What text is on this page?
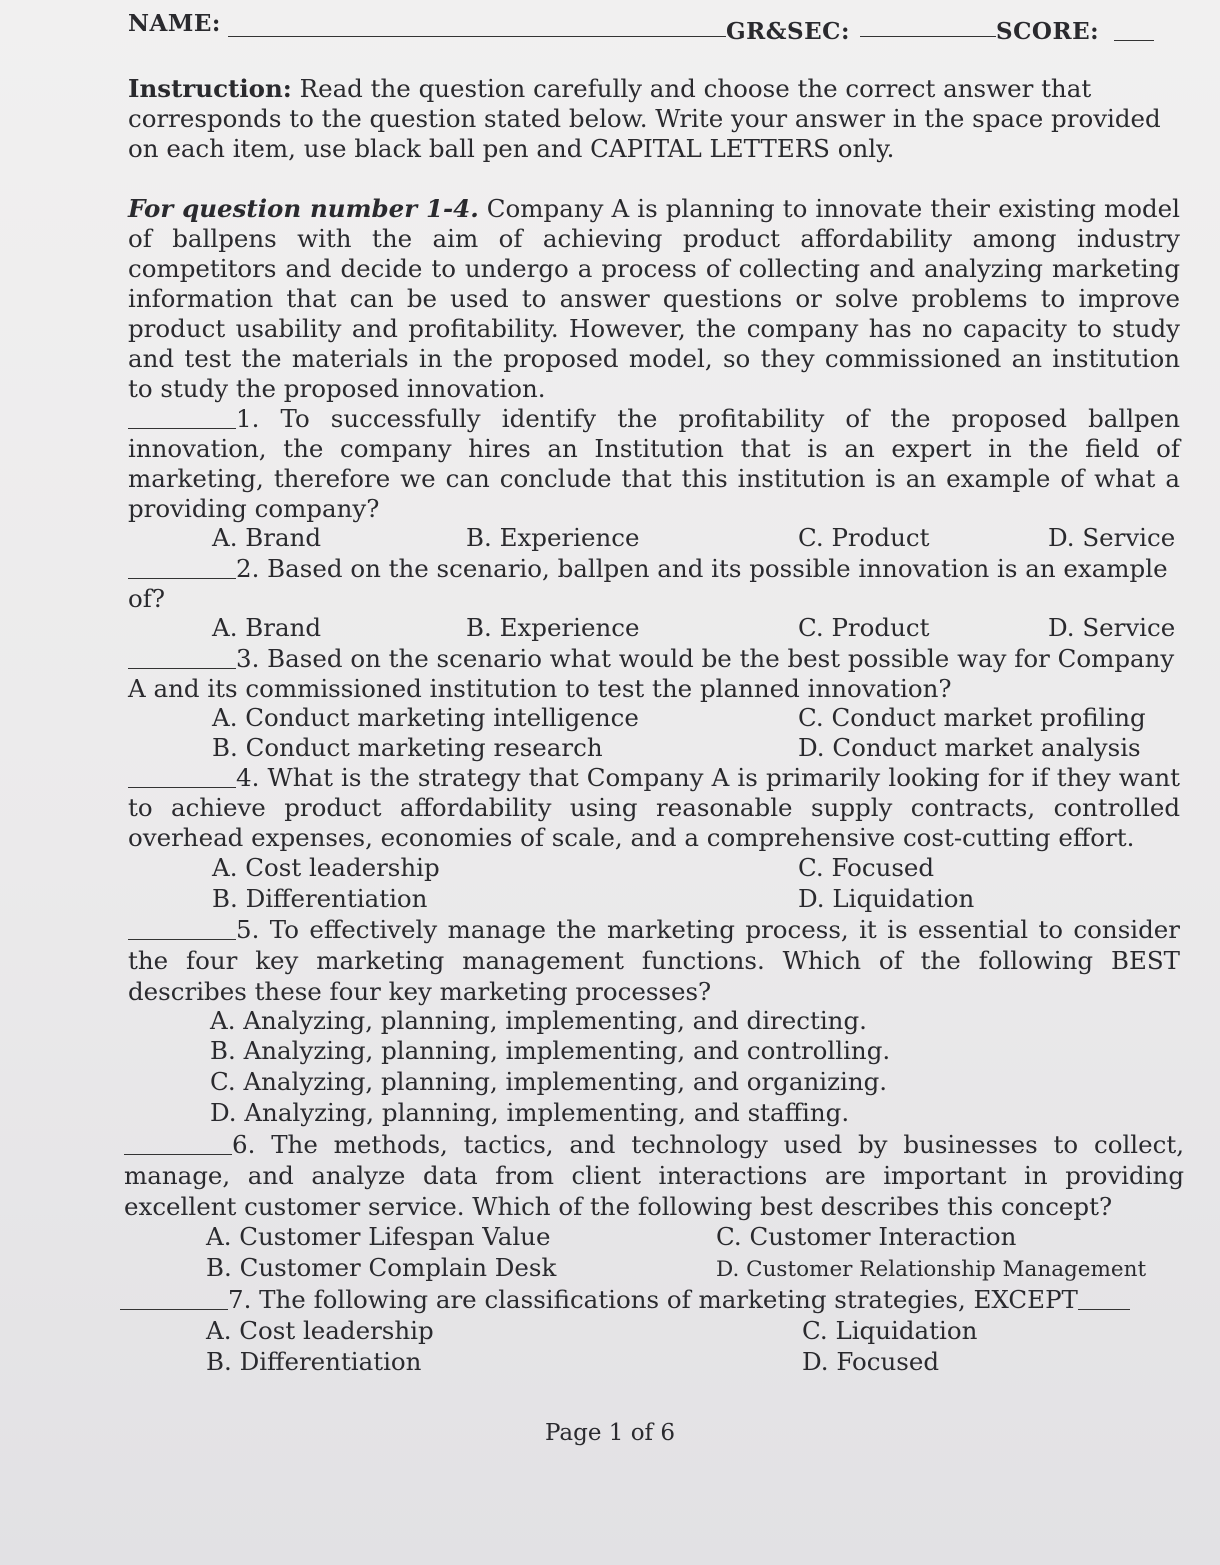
NAME:	GR&SEC:	SCORE:
Instruction: Read the question carefully and choose the correct answer that corresponds to the question stated below. Write your answer in the space provided on each item, use black ball pen and CAPITAL LETTERS only.
For question number 1-4. Company A is planning to innovate their existing model of ballpens with the aim of achieving product affordability among industry competitors and decide to undergo a process of collecting and analyzing marketing information that can be used to answer questions or solve problems to improve product usability and profitability. However, the company has no capacity to study and test the materials in the proposed model, so they commissioned an institution to study the proposed innovation.
1. To successfully identify the profitability of the proposed ballpen innovation, the company hires an Institution that is an expert in the field of marketing, therefore we can conclude that this institution is an example of what a providing company?
A. Brand	B. Experience	C. Product	D. Service
2. Based on the scenario, ballpen and its possible innovation is an example of?
A. Brand	B. Experience	C. Product	D. Service
3. Based on the scenario what would be the best possible way for Company A and its commissioned institution to test the planned innovation?
A. Conduct marketing intelligence	C. Conduct market profiling
B. Conduct marketing research	D. Conduct market analysis
4. What is the strategy that Company A is primarily looking for if they want to achieve product affordability using reasonable supply contracts, controlled overhead expenses, economies of scale, and a comprehensive cost-cutting effort.
A. Cost leadership	C. Focused
B. Differentiation	D. Liquidation
5. To effectively manage the marketing process, it is essential to consider the four key marketing management functions. Which of the following BEST describes these four key marketing processes?
A. Analyzing, planning, implementing, and directing.
B. Analyzing, planning, implementing, and controlling.
C. Analyzing, planning, implementing, and organizing.
D. Analyzing, planning, implementing, and staffing.
6. The methods, tactics, and technology used by businesses to collect, manage, and analyze data from client interactions are important in providing excellent customer service. Which of the following best describes this concept?
A. Customer Lifespan Value	C. Customer Interaction
B. Customer Complain Desk	D. Customer Relationship Management
7. The following are classifications of marketing strategies, EXCEPT
A. Cost leadership	C. Liquidation
B. Differentiation	D. Focused
Page 1 of 6
